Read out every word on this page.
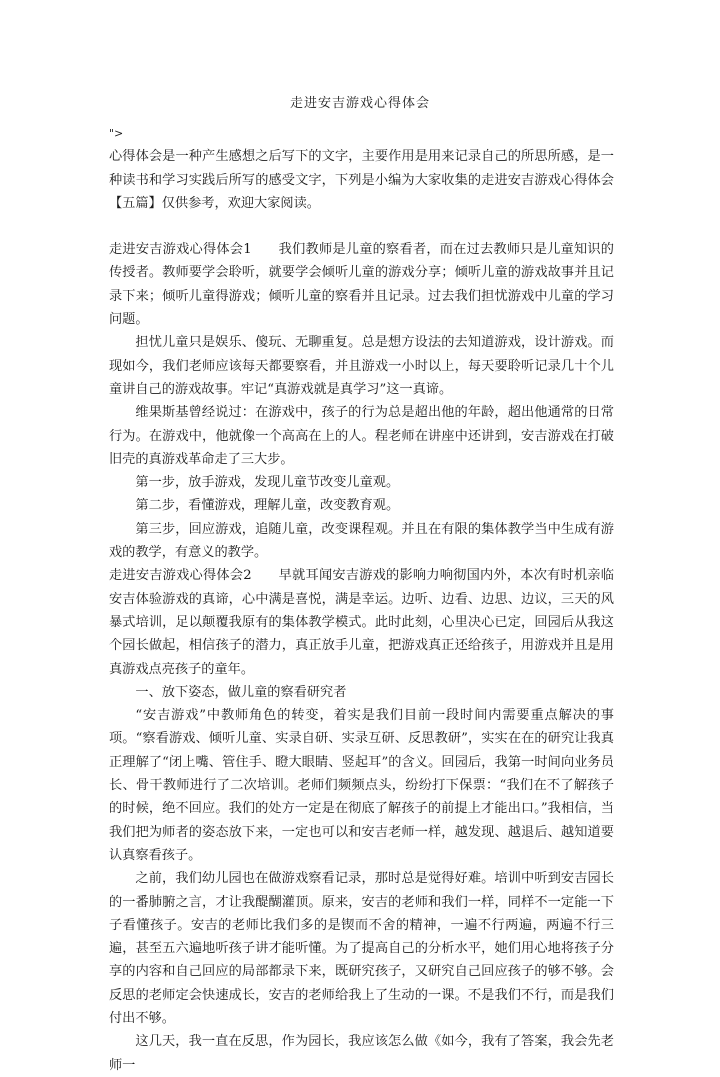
走进安吉游戏心得体会

">

心得体会是一种产生感想之后写下的文字，主要作用是用来记录自己的所思所感，是一种读书和学习实践后所写的感受文字，下列是小编为大家收集的走进安吉游戏心得体会【五篇】仅供参考，欢迎大家阅读。

走进安吉游戏心得体会1　　我们教师是儿童的察看者，而在过去教师只是儿童知识的传授者。教师要学会聆听，就要学会倾听儿童的游戏分享；倾听儿童的游戏故事并且记录下来；倾听儿童得游戏；倾听儿童的察看并且记录。过去我们担忧游戏中儿童的学习问题。

担忧儿童只是娱乐、傻玩、无聊重复。总是想方设法的去知道游戏，设计游戏。而现如今，我们老师应该每天都要察看，并且游戏一小时以上，每天要聆听记录几十个儿童讲自己的游戏故事。牢记“真游戏就是真学习”这一真谛。

维果斯基曾经说过：在游戏中，孩子的行为总是超出他的年龄，超出他通常的日常行为。在游戏中，他就像一个高高在上的人。程老师在讲座中还讲到，安吉游戏在打破旧壳的真游戏革命走了三大步。

第一步，放手游戏，发现儿童节改变儿童观。

第二步，看懂游戏，理解儿童，改变教育观。

第三步，回应游戏，追随儿童，改变课程观。并且在有限的集体教学当中生成有游戏的教学，有意义的教学。

走进安吉游戏心得体会2　　早就耳闻安吉游戏的影响力响彻国内外，本次有时机亲临安吉体验游戏的真谛，心中满是喜悦，满是幸运。边听、边看、边思、边议，三天的风暴式培训，足以颠覆我原有的集体教学模式。此时此刻，心里决心已定，回园后从我这个园长做起，相信孩子的潜力，真正放手儿童，把游戏真正还给孩子，用游戏并且是用真游戏点亮孩子的童年。

一、放下姿态，做儿童的察看研究者

“安吉游戏”中教师角色的转变，着实是我们目前一段时间内需要重点解决的事项。“察看游戏、倾听儿童、实录自研、实录互研、反思教研”，实实在在的研究让我真正理解了“闭上嘴、管住手、瞪大眼睛、竖起耳”的含义。回园后，我第一时间向业务员长、骨干教师进行了二次培训。老师们频频点头，纷纷打下保票：“我们在不了解孩子的时候，绝不回应。我们的处方一定是在彻底了解孩子的前提上才能出口。”我相信，当我们把为师者的姿态放下来，一定也可以和安吉老师一样，越发现、越退后、越知道要认真察看孩子。

之前，我们幼儿园也在做游戏察看记录，那时总是觉得好难。培训中听到安吉园长的一番肺腑之言，才让我醍醐灌顶。原来，安吉的老师和我们一样，同样不一定能一下子看懂孩子。安吉的老师比我们多的是锲而不舍的精神，一遍不行两遍，两遍不行三遍，甚至五六遍地听孩子讲才能听懂。为了提高自己的分析水平，她们用心地将孩子分享的内容和自己回应的局部都录下来，既研究孩子，又研究自己回应孩子的够不够。会反思的老师定会快速成长，安吉的老师给我上了生动的一课。不是我们不行，而是我们付出不够。

这几天，我一直在反思，作为园长，我应该怎么做《如今，我有了答案，我会先老师一
